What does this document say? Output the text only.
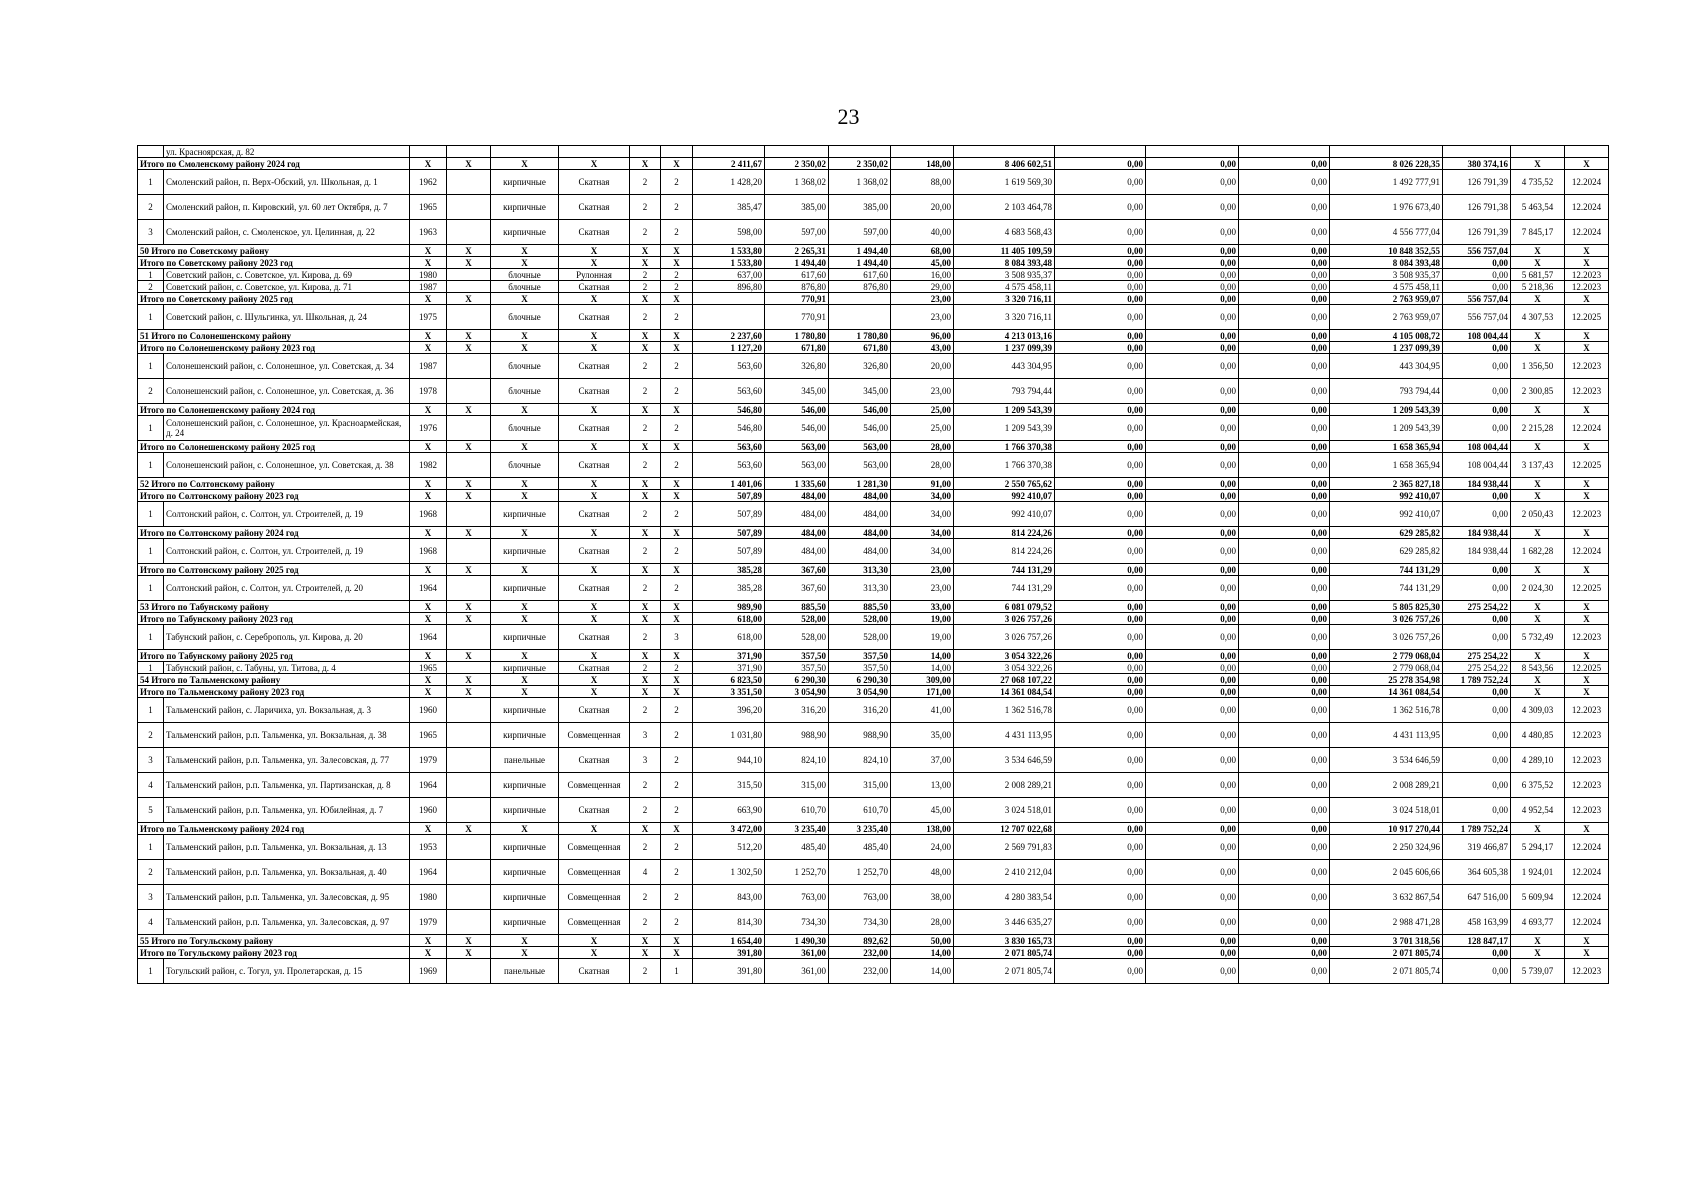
23
	ул. Красноярская, д. 82																		
Итого по Смоленскому району 2024 год		X	X	X	X	X	X	2 411,67	2 350,02	2 350,02	148,00	8 406 602,51	0,00	0,00	0,00	8 026 228,35	380 374,16	X	X
1	Смоленский район, п. Верх-Обский, ул. Школьная, д. 1	1962		кирпичные	Скатная	2	2	1 428,20	1 368,02	1 368,02	88,00	1 619 569,30	0,00	0,00	0,00	1 492 777,91	126 791,39	4 735,52	12.2024
2	Смоленский район, п. Кировский, ул. 60 лет Октября, д. 7	1965		кирпичные	Скатная	2	2	385,47	385,00	385,00	20,00	2 103 464,78	0,00	0,00	0,00	1 976 673,40	126 791,38	5 463,54	12.2024
3	Смоленский район, с. Смоленское, ул. Целинная, д. 22	1963		кирпичные	Скатная	2	2	598,00	597,00	597,00	40,00	4 683 568,43	0,00	0,00	0,00	4 556 777,04	126 791,39	7 845,17	12.2024
50 Итого по Советскому району		X	X	X	X	X	X	1 533,80	2 265,31	1 494,40	68,00	11 405 109,59	0,00	0,00	0,00	10 848 352,55	556 757,04	X	X
Итого по Советскому району 2023 год		X	X	X	X	X	X	1 533,80	1 494,40	1 494,40	45,00	8 084 393,48	0,00	0,00	0,00	8 084 393,48	0,00	X	X
1	Советский район, с. Советское, ул. Кирова, д. 69	1980		блочные	Рулонная	2	2	637,00	617,60	617,60	16,00	3 508 935,37	0,00	0,00	0,00	3 508 935,37	0,00	5 681,57	12.2023
2	Советский район, с. Советское, ул. Кирова, д. 71	1987		блочные	Скатная	2	2	896,80	876,80	876,80	29,00	4 575 458,11	0,00	0,00	0,00	4 575 458,11	0,00	5 218,36	12.2023
Итого по Советскому району 2025 год		X	X	X	X	X	X		770,91		23,00	3 320 716,11	0,00	0,00	0,00	2 763 959,07	556 757,04	X	X
1	Советский район, с. Шульгинка, ул. Школьная, д. 24	1975		блочные	Скатная	2	2		770,91		23,00	3 320 716,11	0,00	0,00	0,00	2 763 959,07	556 757,04	4 307,53	12.2025
51 Итого по Солонешенскому району		X	X	X	X	X	X	2 237,60	1 780,80	1 780,80	96,00	4 213 013,16	0,00	0,00	0,00	4 105 008,72	108 004,44	X	X
Итого по Солонешенскому району 2023 год		X	X	X	X	X	X	1 127,20	671,80	671,80	43,00	1 237 099,39	0,00	0,00	0,00	1 237 099,39	0,00	X	X
1	Солонешенский район, с. Солонешное, ул. Советская, д. 34	1987		блочные	Скатная	2	2	563,60	326,80	326,80	20,00	443 304,95	0,00	0,00	0,00	443 304,95	0,00	1 356,50	12.2023
2	Солонешенский район, с. Солонешное, ул. Советская, д. 36	1978		блочные	Скатная	2	2	563,60	345,00	345,00	23,00	793 794,44	0,00	0,00	0,00	793 794,44	0,00	2 300,85	12.2023
Итого по Солонешенскому району 2024 год		X	X	X	X	X	X	546,80	546,00	546,00	25,00	1 209 543,39	0,00	0,00	0,00	1 209 543,39	0,00	X	X
1	Солонешенский район, с. Солонешное, ул. Красноармейская, д. 24	1976		блочные	Скатная	2	2	546,80	546,00	546,00	25,00	1 209 543,39	0,00	0,00	0,00	1 209 543,39	0,00	2 215,28	12.2024
Итого по Солонешенскому району 2025 год		X	X	X	X	X	X	563,60	563,00	563,00	28,00	1 766 370,38	0,00	0,00	0,00	1 658 365,94	108 004,44	X	X
1	Солонешенский район, с. Солонешное, ул. Советская, д. 38	1982		блочные	Скатная	2	2	563,60	563,00	563,00	28,00	1 766 370,38	0,00	0,00	0,00	1 658 365,94	108 004,44	3 137,43	12.2025
52 Итого по Солтонскому району		X	X	X	X	X	X	1 401,06	1 335,60	1 281,30	91,00	2 550 765,62	0,00	0,00	0,00	2 365 827,18	184 938,44	X	X
Итого по Солтонскому району 2023 год		X	X	X	X	X	X	507,89	484,00	484,00	34,00	992 410,07	0,00	0,00	0,00	992 410,07	0,00	X	X
1	Солтонский район, с. Солтон, ул. Строителей, д. 19	1968		кирпичные	Скатная	2	2	507,89	484,00	484,00	34,00	992 410,07	0,00	0,00	0,00	992 410,07	0,00	2 050,43	12.2023
Итого по Солтонскому району 2024 год		X	X	X	X	X	X	507,89	484,00	484,00	34,00	814 224,26	0,00	0,00	0,00	629 285,82	184 938,44	X	X
1	Солтонский район, с. Солтон, ул. Строителей, д. 19	1968		кирпичные	Скатная	2	2	507,89	484,00	484,00	34,00	814 224,26	0,00	0,00	0,00	629 285,82	184 938,44	1 682,28	12.2024
Итого по Солтонскому району 2025 год		X	X	X	X	X	X	385,28	367,60	313,30	23,00	744 131,29	0,00	0,00	0,00	744 131,29	0,00	X	X
1	Солтонский район, с. Солтон, ул. Строителей, д. 20	1964		кирпичные	Скатная	2	2	385,28	367,60	313,30	23,00	744 131,29	0,00	0,00	0,00	744 131,29	0,00	2 024,30	12.2025
53 Итого по Табунскому району		X	X	X	X	X	X	989,90	885,50	885,50	33,00	6 081 079,52	0,00	0,00	0,00	5 805 825,30	275 254,22	X	X
Итого по Табунскому району 2023 год		X	X	X	X	X	X	618,00	528,00	528,00	19,00	3 026 757,26	0,00	0,00	0,00	3 026 757,26	0,00	X	X
1	Табунский район, с. Сереброполь, ул. Кирова, д. 20	1964		кирпичные	Скатная	2	3	618,00	528,00	528,00	19,00	3 026 757,26	0,00	0,00	0,00	3 026 757,26	0,00	5 732,49	12.2023
Итого по Табунскому району 2025 год		X	X	X	X	X	X	371,90	357,50	357,50	14,00	3 054 322,26	0,00	0,00	0,00	2 779 068,04	275 254,22	X	X
1	Табунский район, с. Табуны, ул. Титова, д. 4	1965		кирпичные	Скатная	2	2	371,90	357,50	357,50	14,00	3 054 322,26	0,00	0,00	0,00	2 779 068,04	275 254,22	8 543,56	12.2025
54 Итого по Тальменскому району		X	X	X	X	X	X	6 823,50	6 290,30	6 290,30	309,00	27 068 107,22	0,00	0,00	0,00	25 278 354,98	1 789 752,24	X	X
Итого по Тальменскому району 2023 год		X	X	X	X	X	X	3 351,50	3 054,90	3 054,90	171,00	14 361 084,54	0,00	0,00	0,00	14 361 084,54	0,00	X	X
1	Тальменский район, с. Ларичиха, ул. Вокзальная, д. 3	1960		кирпичные	Скатная	2	2	396,20	316,20	316,20	41,00	1 362 516,78	0,00	0,00	0,00	1 362 516,78	0,00	4 309,03	12.2023
2	Тальменский район, р.п. Тальменка, ул. Вокзальная, д. 38	1965		кирпичные	Совмещенная	3	2	1 031,80	988,90	988,90	35,00	4 431 113,95	0,00	0,00	0,00	4 431 113,95	0,00	4 480,85	12.2023
3	Тальменский район, р.п. Тальменка, ул. Залесовская, д. 77	1979		панельные	Скатная	3	2	944,10	824,10	824,10	37,00	3 534 646,59	0,00	0,00	0,00	3 534 646,59	0,00	4 289,10	12.2023
4	Тальменский район, р.п. Тальменка, ул. Партизанская, д. 8	1964		кирпичные	Совмещенная	2	2	315,50	315,00	315,00	13,00	2 008 289,21	0,00	0,00	0,00	2 008 289,21	0,00	6 375,52	12.2023
5	Тальменский район, р.п. Тальменка, ул. Юбилейная, д. 7	1960		кирпичные	Скатная	2	2	663,90	610,70	610,70	45,00	3 024 518,01	0,00	0,00	0,00	3 024 518,01	0,00	4 952,54	12.2023
Итого по Тальменскому району 2024 год		X	X	X	X	X	X	3 472,00	3 235,40	3 235,40	138,00	12 707 022,68	0,00	0,00	0,00	10 917 270,44	1 789 752,24	X	X
1	Тальменский район, р.п. Тальменка, ул. Вокзальная, д. 13	1953		кирпичные	Совмещенная	2	2	512,20	485,40	485,40	24,00	2 569 791,83	0,00	0,00	0,00	2 250 324,96	319 466,87	5 294,17	12.2024
2	Тальменский район, р.п. Тальменка, ул. Вокзальная, д. 40	1964		кирпичные	Совмещенная	4	2	1 302,50	1 252,70	1 252,70	48,00	2 410 212,04	0,00	0,00	0,00	2 045 606,66	364 605,38	1 924,01	12.2024
3	Тальменский район, р.п. Тальменка, ул. Залесовская, д. 95	1980		кирпичные	Совмещенная	2	2	843,00	763,00	763,00	38,00	4 280 383,54	0,00	0,00	0,00	3 632 867,54	647 516,00	5 609,94	12.2024
4	Тальменский район, р.п. Тальменка, ул. Залесовская, д. 97	1979		кирпичные	Совмещенная	2	2	814,30	734,30	734,30	28,00	3 446 635,27	0,00	0,00	0,00	2 988 471,28	458 163,99	4 693,77	12.2024
55 Итого по Тогульскому району		X	X	X	X	X	X	1 654,40	1 490,30	892,62	50,00	3 830 165,73	0,00	0,00	0,00	3 701 318,56	128 847,17	X	X
Итого по Тогульскому району 2023 год		X	X	X	X	X	X	391,80	361,00	232,00	14,00	2 071 805,74	0,00	0,00	0,00	2 071 805,74	0,00	X	X
1	Тогульский район, с. Тогул, ул. Пролетарская, д. 15	1969		панельные	Скатная	2	1	391,80	361,00	232,00	14,00	2 071 805,74	0,00	0,00	0,00	2 071 805,74	0,00	5 739,07	12.2023
